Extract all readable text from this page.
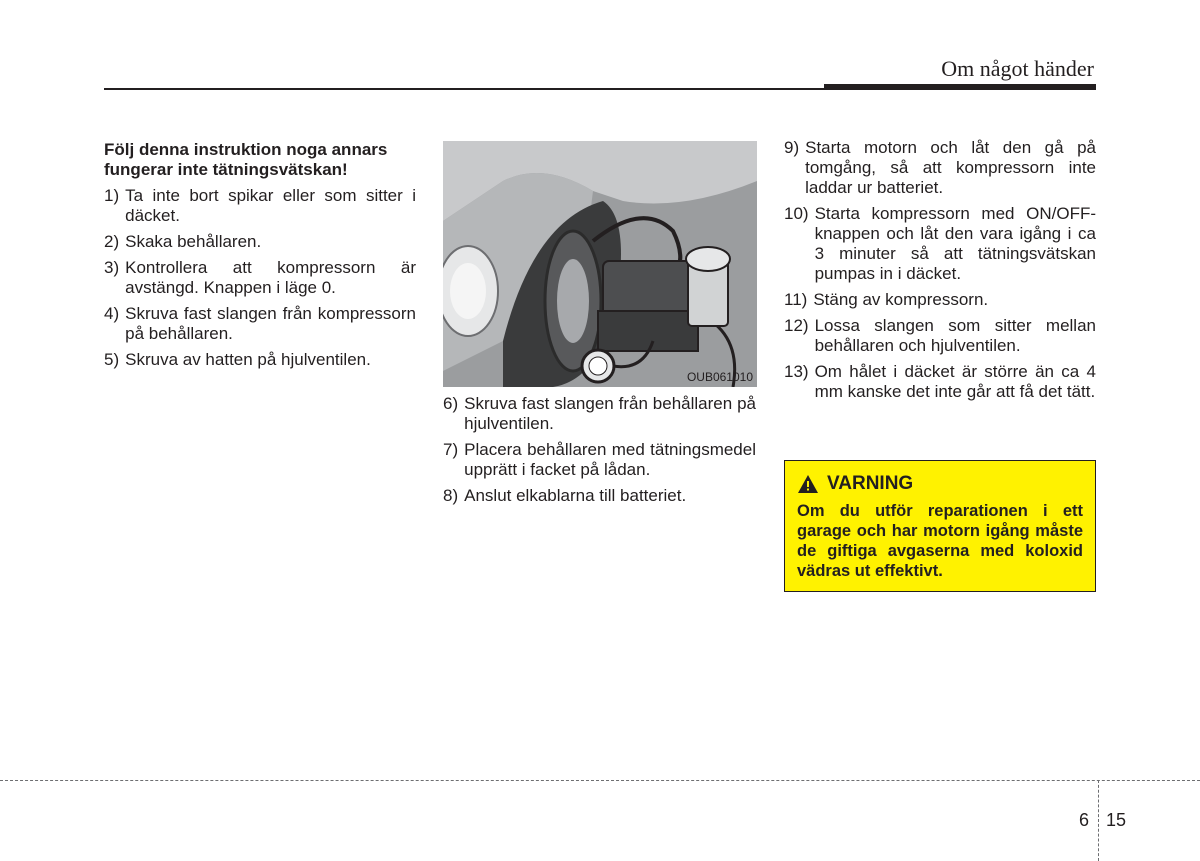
Om något händer
Följ denna instruktion noga annars fungerar inte tätningsvätskan!
1) Ta inte bort spikar eller som sitter i däcket.
2) Skaka behållaren.
3) Kontrollera att kompressorn är avstängd. Knappen i läge 0.
4) Skruva fast slangen från kompressorn på behållaren.
5) Skruva av hatten på hjulventilen.
OUB061010
6) Skruva fast slangen från behållaren på hjulventilen.
7) Placera behållaren med tätningsmedel upprätt i facket på lådan.
8) Anslut elkablarna till batteriet.
9) Starta motorn och låt den gå på tomgång, så att kompressorn inte laddar ur batteriet.
10) Starta kompressorn med ON/OFF-knappen och låt den vara igång i ca 3 minuter så att tätningsvätskan pumpas in i däcket.
11) Stäng av kompressorn.
12) Lossa slangen som sitter mellan behållaren och hjulventilen.
13) Om hålet i däcket är större än ca 4 mm kanske det inte går att få det tätt.
VARNING
Om du utför reparationen i ett garage och har motorn igång måste de giftiga avgaserna med koloxid vädras ut effektivt.
6 15
